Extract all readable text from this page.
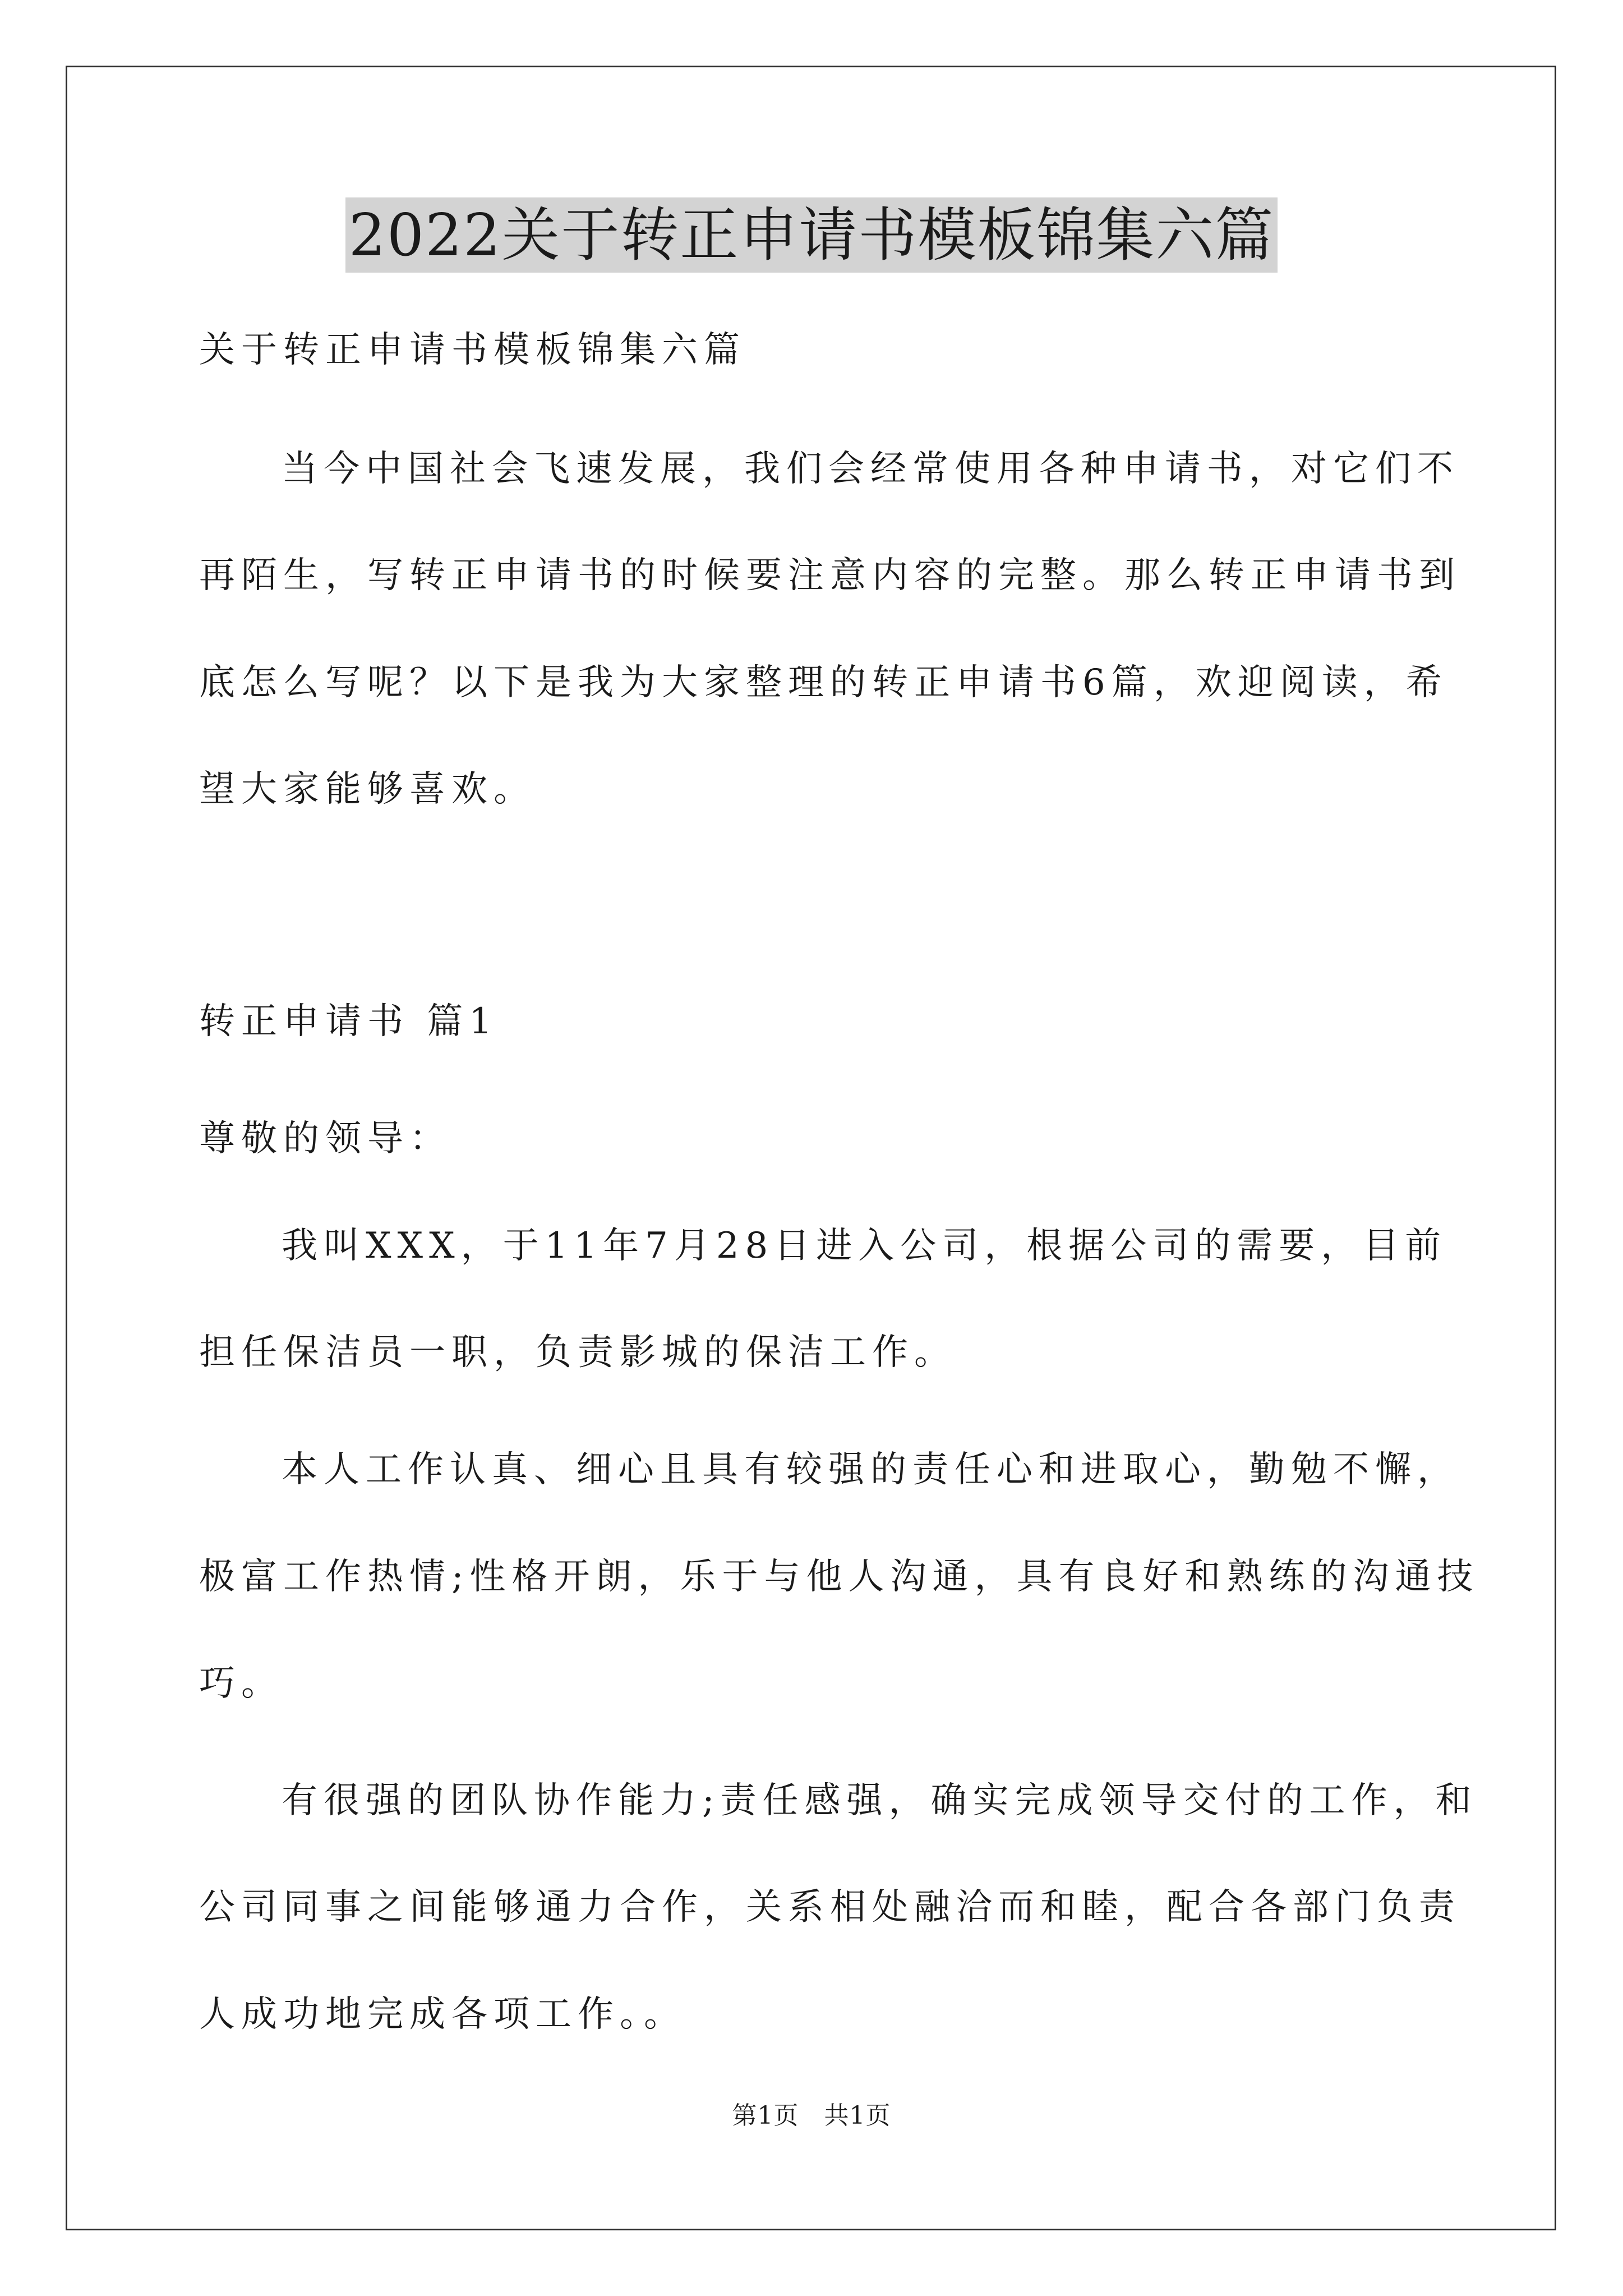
2022关于转正申请书模板锦集六篇

关于转正申请书模板锦集六篇

当今中国社会飞速发展，我们会经常使用各种申请书，对它们不

再陌生，写转正申请书的时候要注意内容的完整。那么转正申请书到

底怎么写呢？以下是我为大家整理的转正申请书6篇，欢迎阅读，希

望大家能够喜欢。

转正申请书 篇1

尊敬的领导：

我叫XXX，于11年7月28日进入公司，根据公司的需要，目前

担任保洁员一职，负责影城的保洁工作。

本人工作认真、细心且具有较强的责任心和进取心，勤勉不懈，

极富工作热情;性格开朗，乐于与他人沟通，具有良好和熟练的沟通技

巧。

有很强的团队协作能力;责任感强，确实完成领导交付的工作，和

公司同事之间能够通力合作，关系相处融洽而和睦，配合各部门负责

人成功地完成各项工作。。

第1页　共1页
